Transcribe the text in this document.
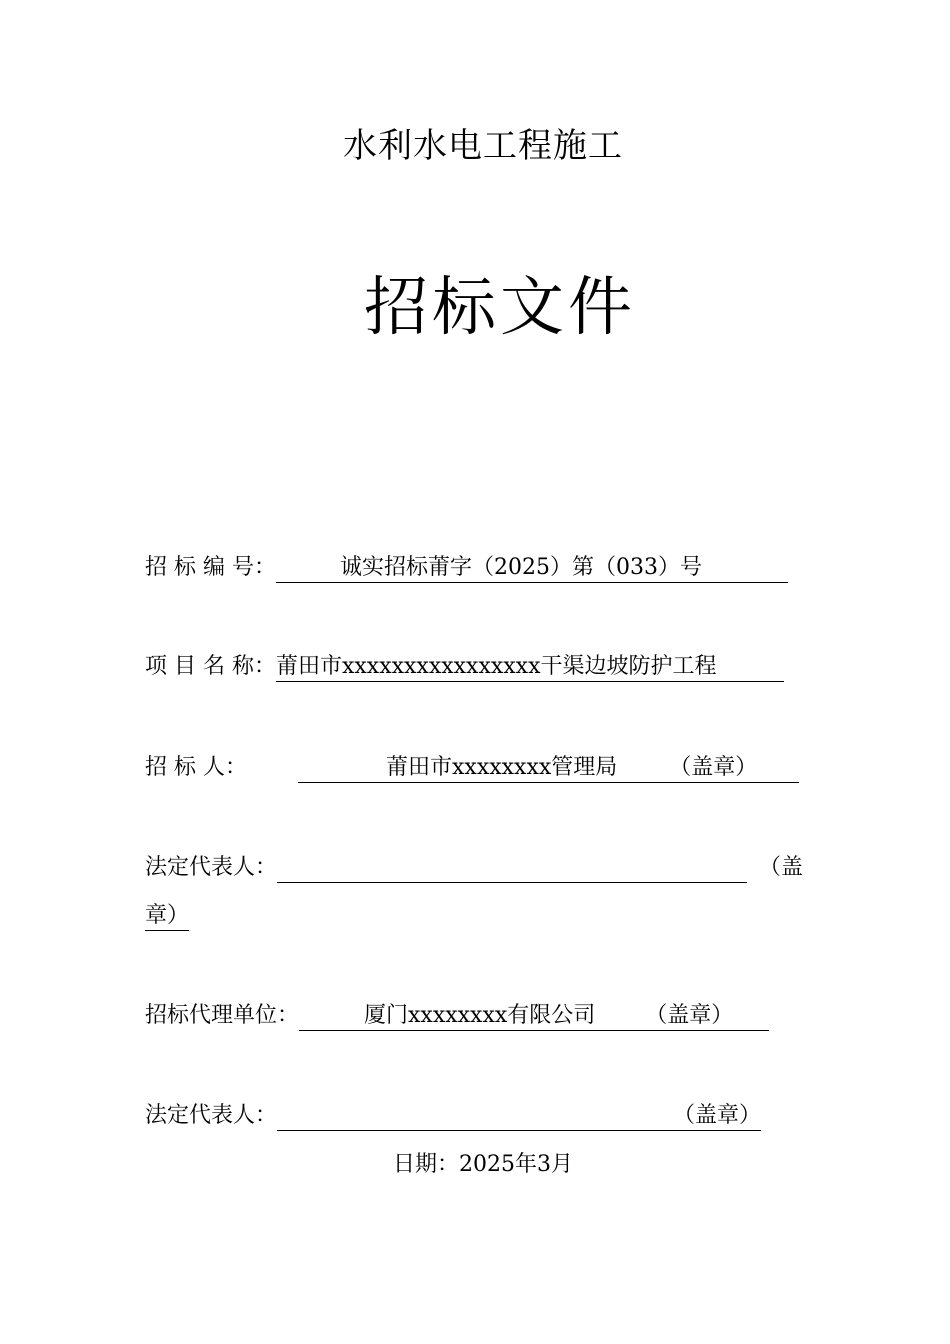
水利水电工程施工
招标文件
招 标 编 号：	诚实招标莆字（2025）第（033）号
项 目 名 称：莆田市xxxxxxxxxxxxxxxx干渠边坡防护工程
招 标 人：	莆田市xxxxxxxx管理局 （盖章）
法定代表人：	（盖
章）
招标代理单位：	厦门xxxxxxxx有限公司 （盖章）
法定代表人：	（盖章）
日期：2025年3月
